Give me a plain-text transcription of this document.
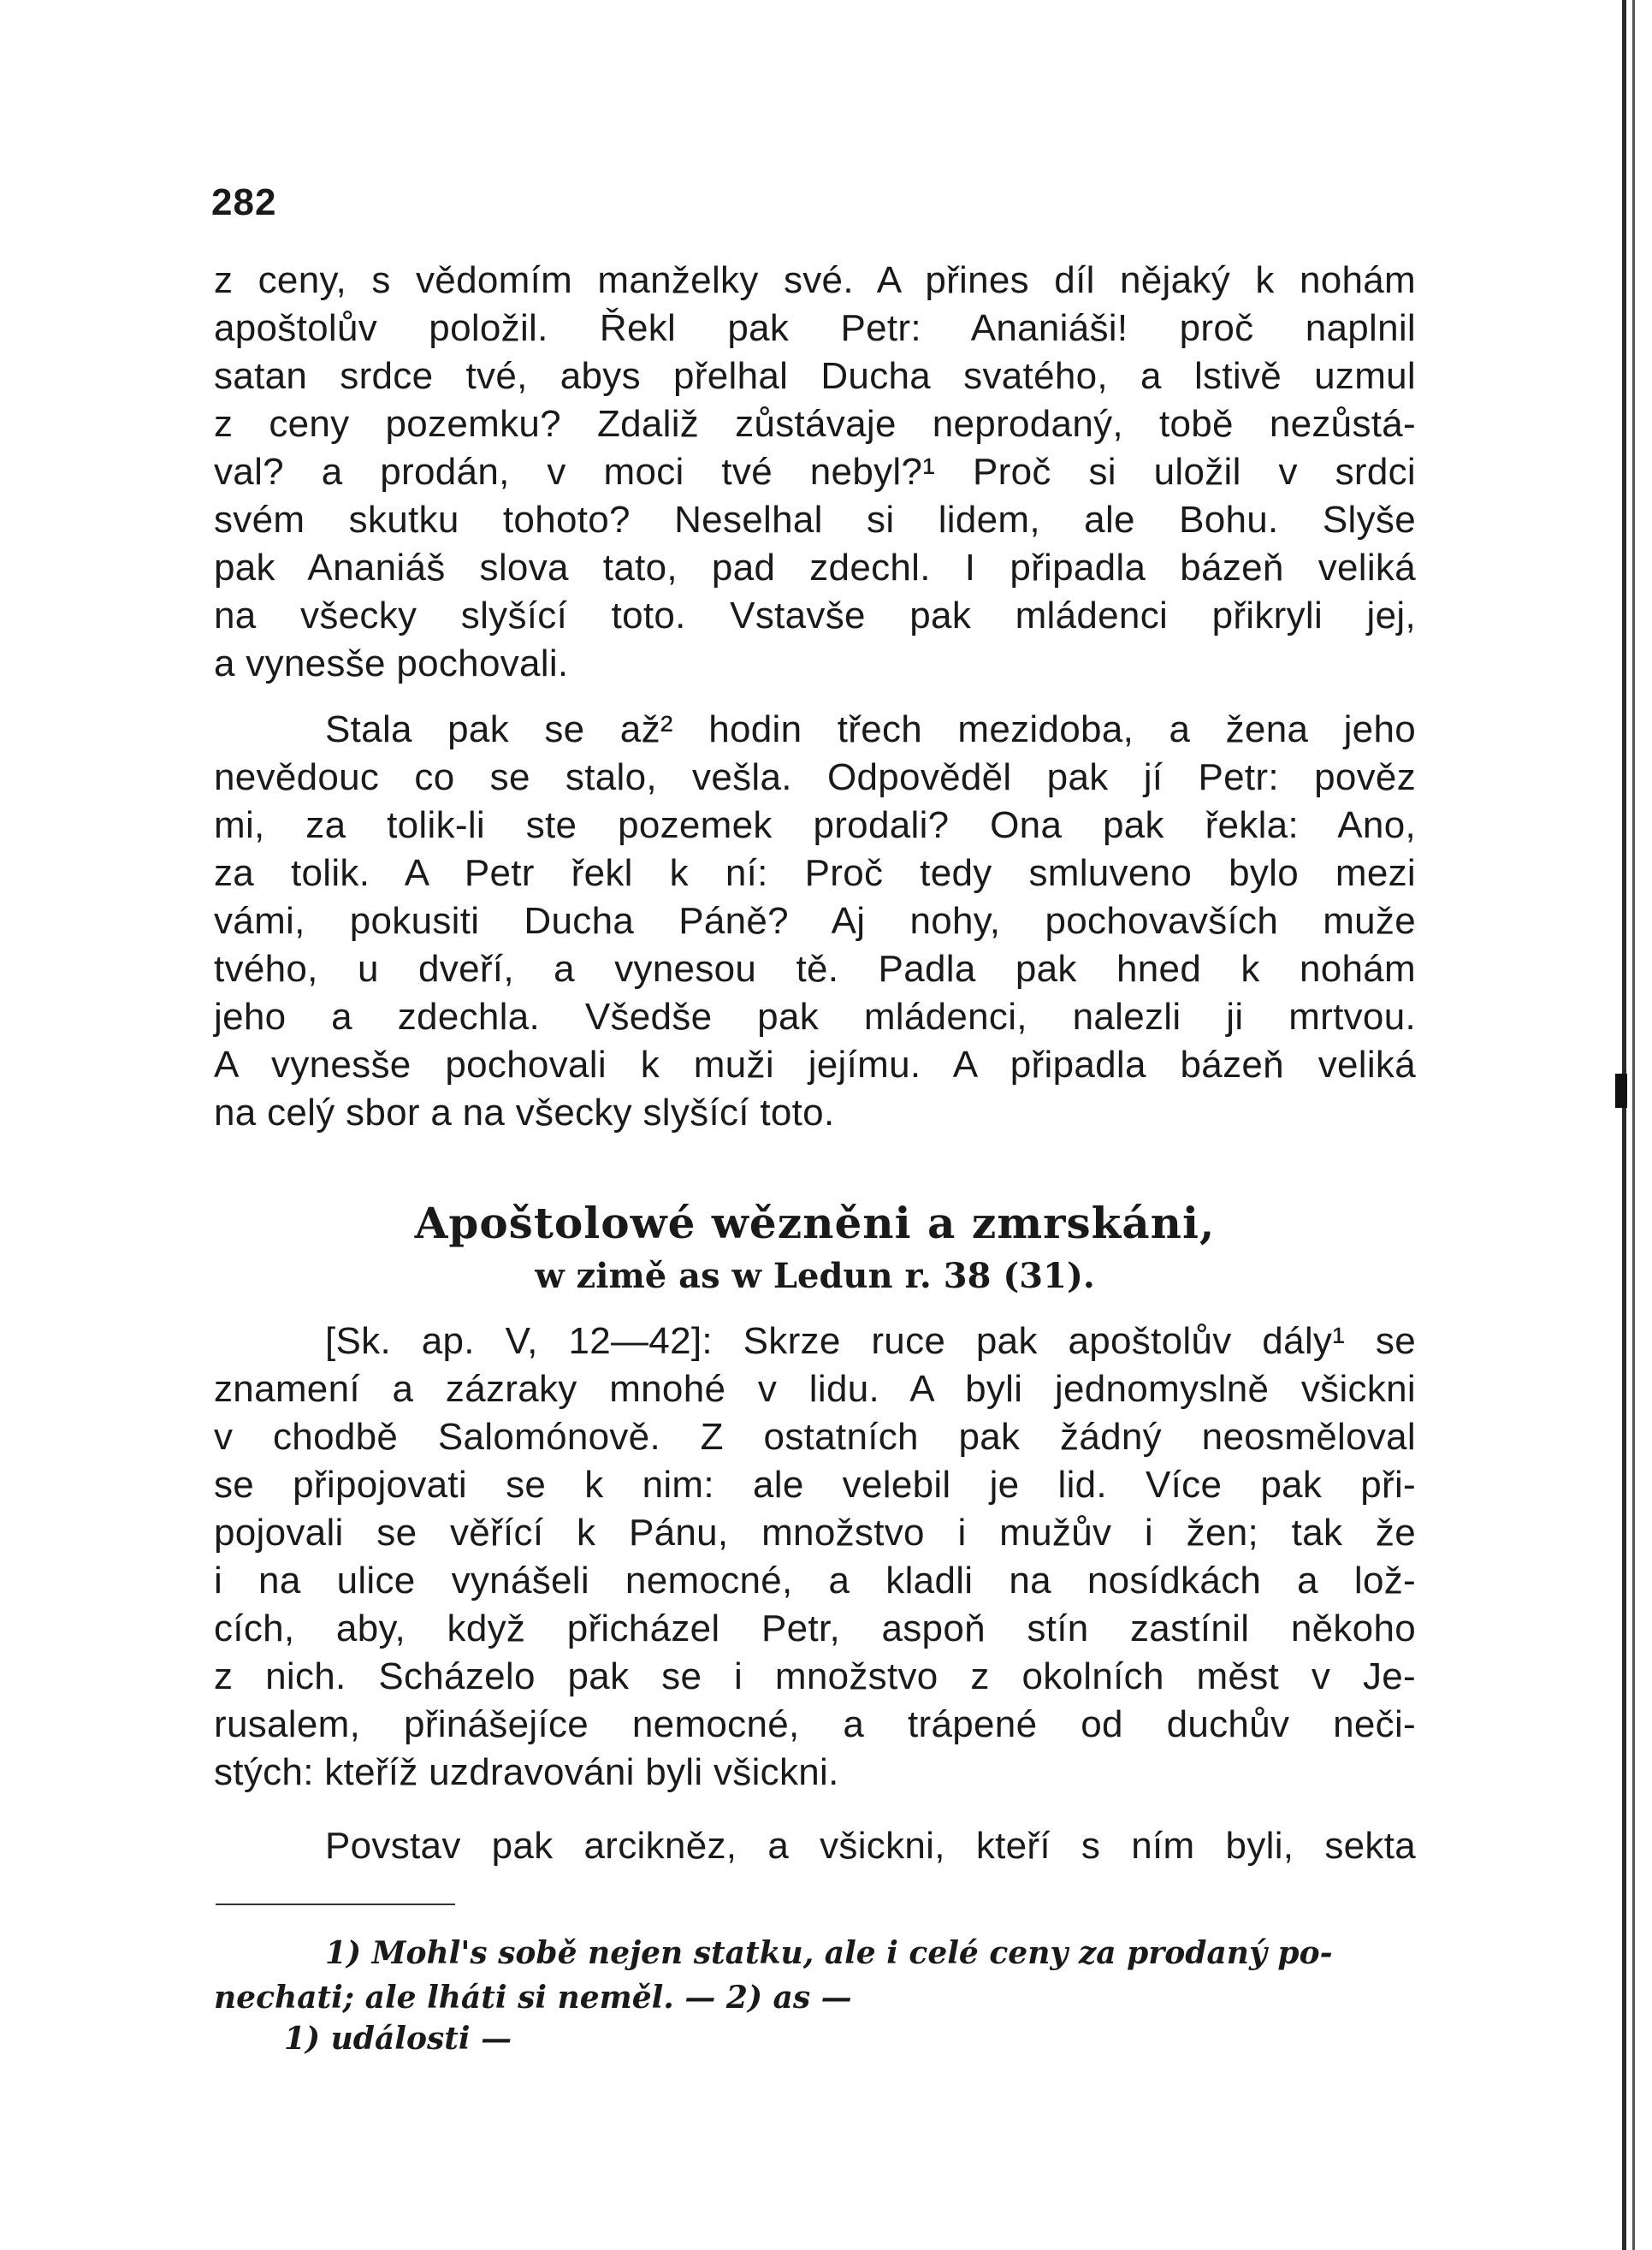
282
z ceny, s vědomím manželky své. A přines díl nějaký k nohám
apoštolův položil. Řekl pak Petr: Ananiáši! proč naplnil
satan srdce tvé, abys přelhal Ducha svatého, a lstivě uzmul
z ceny pozemku? Zdaliž zůstávaje neprodaný, tobě nezůstá-
val? a prodán, v moci tvé nebyl?¹ Proč si uložil v srdci
svém skutku tohoto? Neselhal si lidem, ale Bohu. Slyše
pak Ananiáš slova tato, pad zdechl. I připadla bázeň veliká
na všecky slyšící toto. Vstavše pak mládenci přikryli jej,
a vynesše pochovali.
Stala pak se až² hodin třech mezidoba, a žena jeho
nevědouc co se stalo, vešla. Odpověděl pak jí Petr: pověz
mi, za tolik-li ste pozemek prodali? Ona pak řekla: Ano,
za tolik. A Petr řekl k ní: Proč tedy smluveno bylo mezi
vámi, pokusiti Ducha Páně? Aj nohy, pochovavších muže
tvého, u dveří, a vynesou tě. Padla pak hned k nohám
jeho a zdechla. Všedše pak mládenci, nalezli ji mrtvou.
A vynesše pochovali k muži jejímu. A připadla bázeň veliká
na celý sbor a na všecky slyšící toto.
Apoštolowé wězněni a zmrskáni,
w zimě as w Ledun r. 38 (31).
[Sk. ap. V, 12—42]: Skrze ruce pak apoštolův dály¹ se
znamení a zázraky mnohé v lidu. A byli jednomyslně všickni
v chodbě Salomónově. Z ostatních pak žádný neosměloval
se připojovati se k nim: ale velebil je lid. Více pak při-
pojovali se věřící k Pánu, množstvo i mužův i žen; tak že
i na ulice vynášeli nemocné, a kladli na nosídkách a lož-
cích, aby, když přicházel Petr, aspoň stín zastínil někoho
z nich. Scházelo pak se i množstvo z okolních měst v Je-
rusalem, přinášejíce nemocné, a trápené od duchův neči-
stých: kteříž uzdravováni byli všickni.
Povstav pak arcikněz, a všickni, kteří s ním byli, sekta
1) Mohl's sobě nejen statku, ale i celé ceny za prodaný po-
nechati; ale lháti si neměl. — 2) as —
1) události —
